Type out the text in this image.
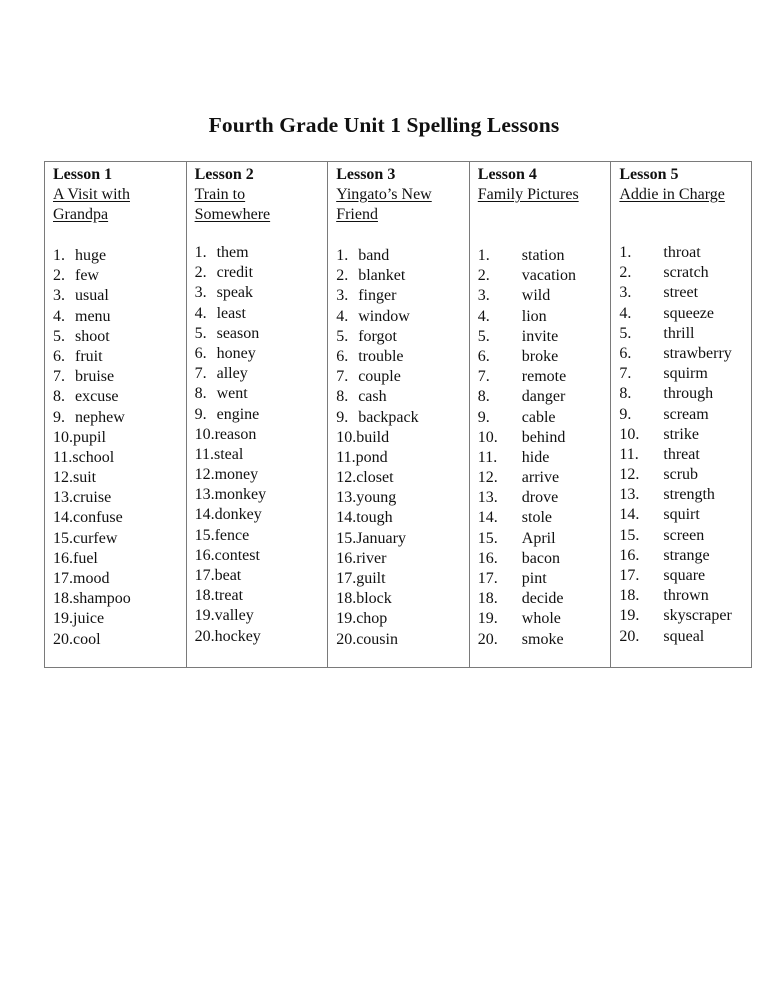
Fourth Grade Unit 1 Spelling Lessons
Lesson 1
A Visit with
Grandpa
1. huge
2. few
3. usual
4. menu
5. shoot
6. fruit
7. bruise
8. excuse
9. nephew
10.pupil
11.school
12.suit
13.cruise
14.confuse
15.curfew
16.fuel
17.mood
18.shampoo
19.juice
20.cool
Lesson 2
Train to
Somewhere
1. them
2. credit
3. speak
4. least
5. season
6. honey
7. alley
8. went
9. engine
10.reason
11.steal
12.money
13.monkey
14.donkey
15.fence
16.contest
17.beat
18.treat
19.valley
20.hockey
Lesson 3
Yingato’s New
Friend
1. band
2. blanket
3. finger
4. window
5. forgot
6. trouble
7. couple
8. cash
9. backpack
10.build
11.pond
12.closet
13.young
14.tough
15.January
16.river
17.guilt
18.block
19.chop
20.cousin
Lesson 4
Family Pictures
1. station
2. vacation
3. wild
4. lion
5. invite
6. broke
7. remote
8. danger
9. cable
10. behind
11. hide
12. arrive
13. drove
14. stole
15. April
16. bacon
17. pint
18. decide
19. whole
20. smoke
Lesson 5
Addie in Charge
1. throat
2. scratch
3. street
4. squeeze
5. thrill
6. strawberry
7. squirm
8. through
9. scream
10. strike
11. threat
12. scrub
13. strength
14. squirt
15. screen
16. strange
17. square
18. thrown
19. skyscraper
20. squeal
